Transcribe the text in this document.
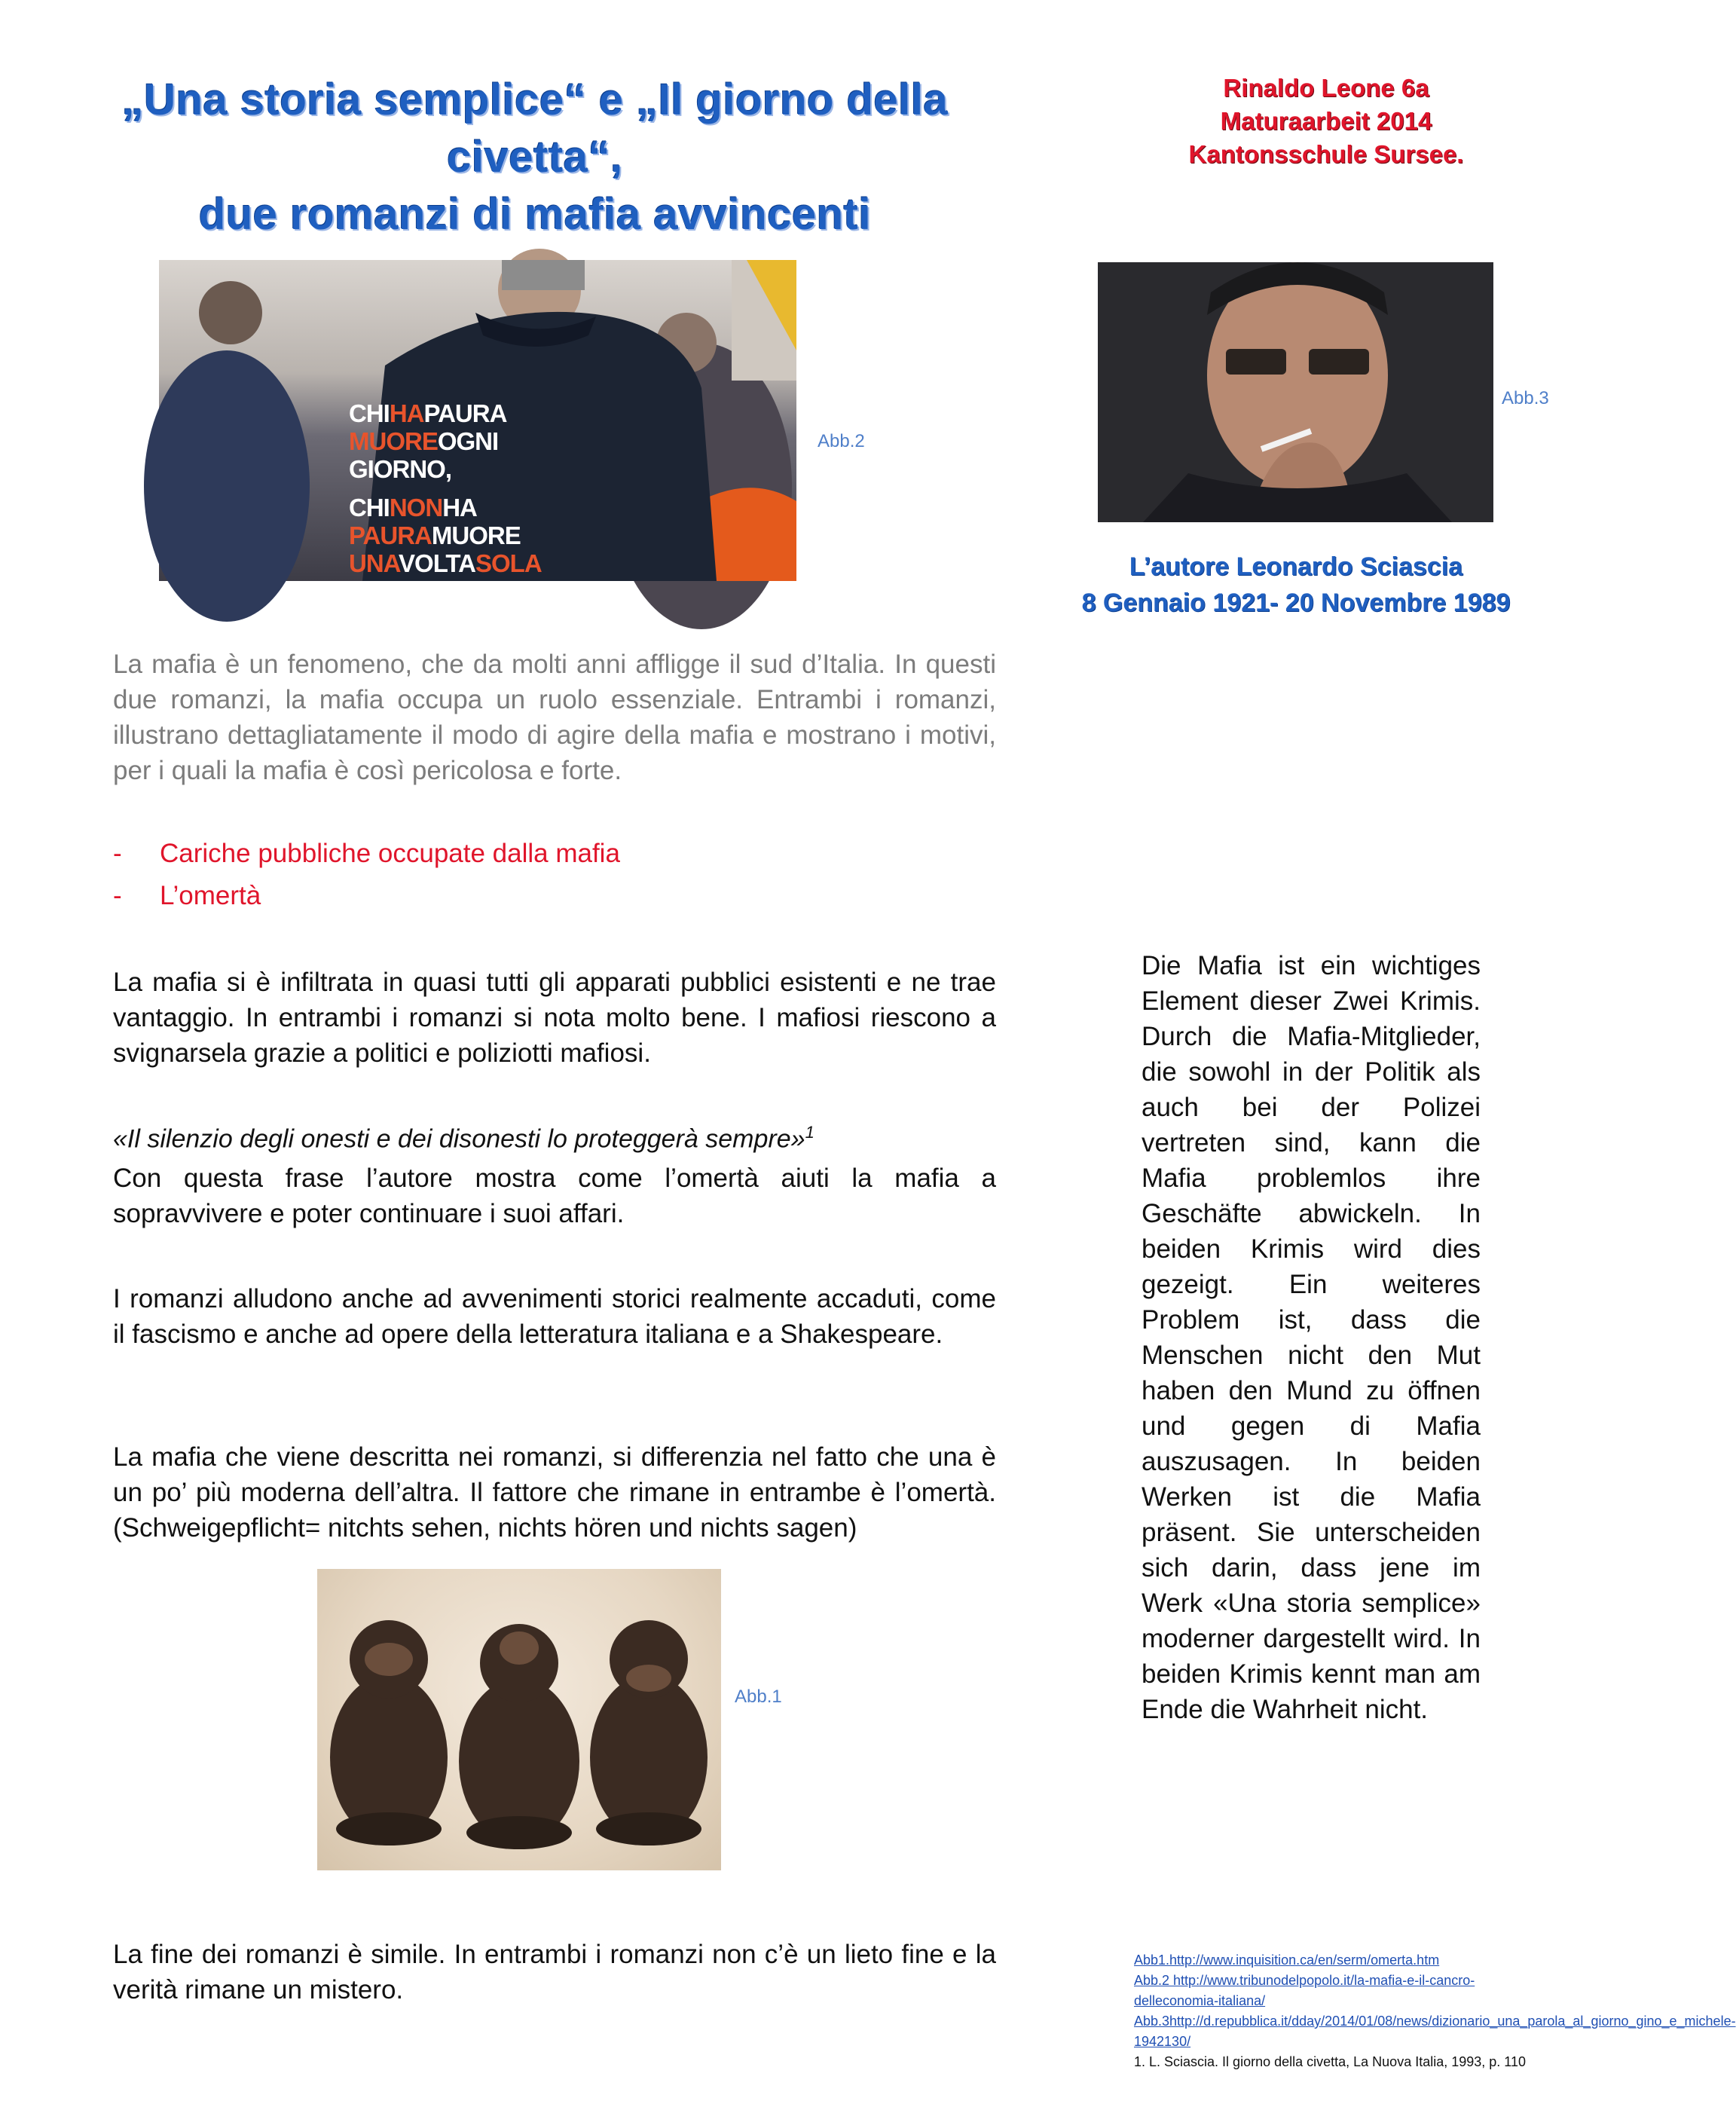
„Una storia semplice“ e „Il giorno della civetta“,
due romanzi di mafia avvincenti
Rinaldo Leone 6a
Maturaarbeit 2014
Kantonsschule Sursee.
CHIHAPAURA
MUOREOGNI
GIORNO,
CHINONHA
PAURAMUORE
UNAVOLTASOLA
Abb.2
Abb.3
L’autore Leonardo Sciascia
8 Gennaio 1921- 20 Novembre 1989
La mafia è un fenomeno, che da molti anni affligge il sud d’Italia. In questi due romanzi, la mafia occupa un ruolo essenziale. Entrambi i romanzi, illustrano dettagliatamente il modo di agire della mafia e mostrano i motivi, per i quali la mafia è così pericolosa e forte.
-	Cariche pubbliche occupate dalla mafia
-	L’omertà
La mafia si è infiltrata in quasi tutti gli apparati pubblici esistenti e ne trae vantaggio. In entrambi i romanzi si nota molto bene. I mafiosi riescono a svignarsela grazie a politici e poliziotti mafiosi.
«Il silenzio degli onesti e dei disonesti lo proteggerà sempre»$^1$
Con questa frase l’autore mostra come l’omertà aiuti la mafia a sopravvivere e poter continuare i suoi affari.
I romanzi alludono anche ad avvenimenti storici realmente accaduti, come il fascismo e anche ad opere della letteratura italiana e a Shakespeare.
La mafia che viene descritta nei romanzi, si differenzia nel fatto che una è un po’ più moderna dell’altra. Il fattore che rimane in entrambe è l’omertà. (Schweigepflicht= nitchts sehen, nichts hören und nichts sagen)
Abb.1
La fine dei romanzi è simile. In entrambi i romanzi non c’è un lieto fine e la verità rimane un mistero.
Die Mafia ist ein wichtiges Element dieser Zwei Krimis. Durch die Mafia-Mitglieder, die sowohl in der Politik als auch bei der Polizei vertreten sind, kann die Mafia problemlos ihre Geschäfte abwickeln. In beiden Krimis wird dies gezeigt. Ein weiteres Problem ist, dass die Menschen nicht den Mut haben den Mund zu öffnen und gegen di Mafia auszusagen. In beiden Werken ist die Mafia präsent. Sie unterscheiden sich darin, dass jene im Werk «Una storia semplice» moderner dargestellt wird. In beiden Krimis kennt man am Ende die Wahrheit nicht.
Abb1.http://www.inquisition.ca/en/serm/omerta.htm
Abb.2 http://www.tribunodelpopolo.it/la-mafia-e-il-cancro-delleconomia-italiana/
Abb.3http://d.repubblica.it/dday/2014/01/08/news/dizionario_una_parola_al_giorno_gino_e_michele-1942130/
1. L. Sciascia. Il giorno della civetta, La Nuova Italia, 1993, p. 110
